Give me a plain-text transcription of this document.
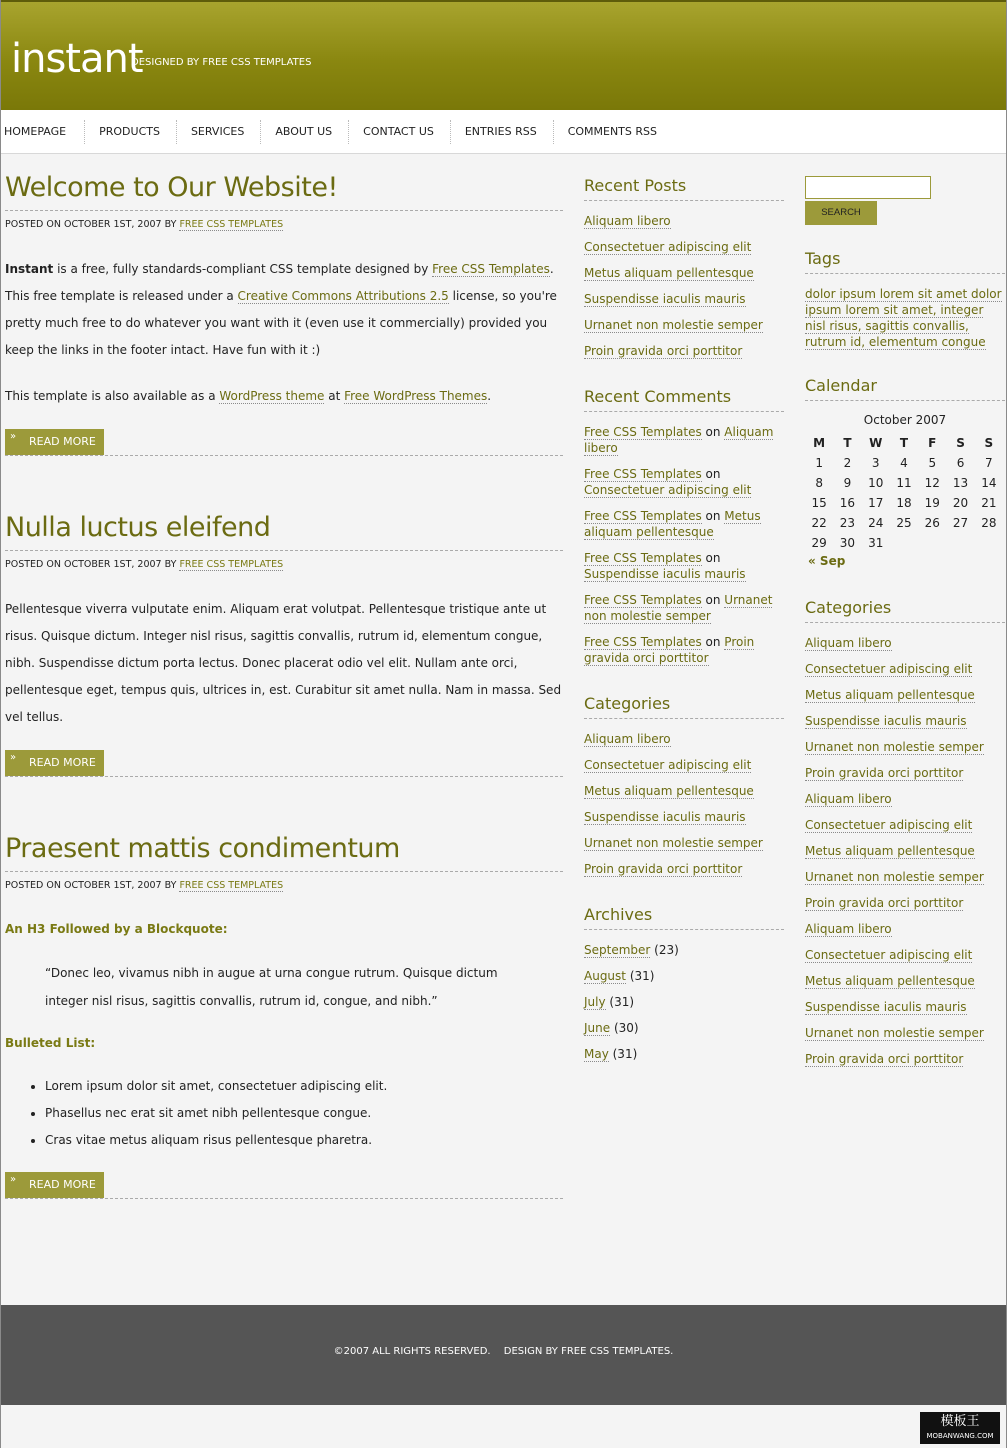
instant
DESIGNED BY FREE CSS TEMPLATES
HOMEPAGE	PRODUCTS	SERVICES	ABOUT US	CONTACT US	ENTRIES RSS	COMMENTS RSS
Welcome to Our Website!

POSTED ON OCTOBER 1ST, 2007 BY FREE CSS TEMPLATES

Instant is a free, fully standards-compliant CSS template designed by Free CSS Templates. This free template is released under a Creative Commons Attributions 2.5 license, so you're pretty much free to do whatever you want with it (even use it commercially) provided you keep the links in the footer intact. Have fun with it :)

This template is also available as a WordPress theme at Free WordPress Themes.

» READ MORE
Nulla luctus eleifend

POSTED ON OCTOBER 1ST, 2007 BY FREE CSS TEMPLATES

Pellentesque viverra vulputate enim. Aliquam erat volutpat. Pellentesque tristique ante ut risus. Quisque dictum. Integer nisl risus, sagittis convallis, rutrum id, elementum congue, nibh. Suspendisse dictum porta lectus. Donec placerat odio vel elit. Nullam ante orci, pellentesque eget, tempus quis, ultrices in, est. Curabitur sit amet nulla. Nam in massa. Sed vel tellus.

» READ MORE
Praesent mattis condimentum

POSTED ON OCTOBER 1ST, 2007 BY FREE CSS TEMPLATES

An H3 Followed by a Blockquote:
“Donec leo, vivamus nibh in augue at urna congue rutrum. Quisque dictum integer nisl risus, sagittis convallis, rutrum id, congue, and nibh.”
Bulleted List:
• Lorem ipsum dolor sit amet, consectetuer adipiscing elit.
• Phasellus nec erat sit amet nibh pellentesque congue.
• Cras vitae metus aliquam risus pellentesque pharetra.
» READ MORE
Recent Posts
Aliquam libero
Consectetuer adipiscing elit
Metus aliquam pellentesque
Suspendisse iaculis mauris
Urnanet non molestie semper
Proin gravida orci porttitor
Recent Comments
Free CSS Templates on Aliquam libero
Free CSS Templates on Consectetuer adipiscing elit
Free CSS Templates on Metus aliquam pellentesque
Free CSS Templates on Suspendisse iaculis mauris
Free CSS Templates on Urnanet non molestie semper
Free CSS Templates on Proin gravida orci porttitor
Categories
Aliquam libero
Consectetuer adipiscing elit
Metus aliquam pellentesque
Suspendisse iaculis mauris
Urnanet non molestie semper
Proin gravida orci porttitor
Archives
September (23)
August (31)
July (31)
June (30)
May (31)
SEARCH
Tags

dolor ipsum lorem sit amet dolor ipsum lorem sit amet, integer nisl risus, sagittis convallis, rutrum id, elementum congue

Calendar
October 2007
M	T	W	T	F	S	S
1	2	3	4	5	6	7
8	9	10	11	12	13	14
15	16	17	18	19	20	21
22	23	24	25	26	27	28
29	30	31				
« Sep
Categories
Aliquam libero
Consectetuer adipiscing elit
Metus aliquam pellentesque
Suspendisse iaculis mauris
Urnanet non molestie semper
Proin gravida orci porttitor
Aliquam libero
Consectetuer adipiscing elit
Metus aliquam pellentesque
Urnanet non molestie semper
Proin gravida orci porttitor
Aliquam libero
Consectetuer adipiscing elit
Metus aliquam pellentesque
Suspendisse iaculis mauris
Urnanet non molestie semper
Proin gravida orci porttitor
©2007 ALL RIGHTS RESERVED. DESIGN BY FREE CSS TEMPLATES.
模板王
MOBANWANG.COM
